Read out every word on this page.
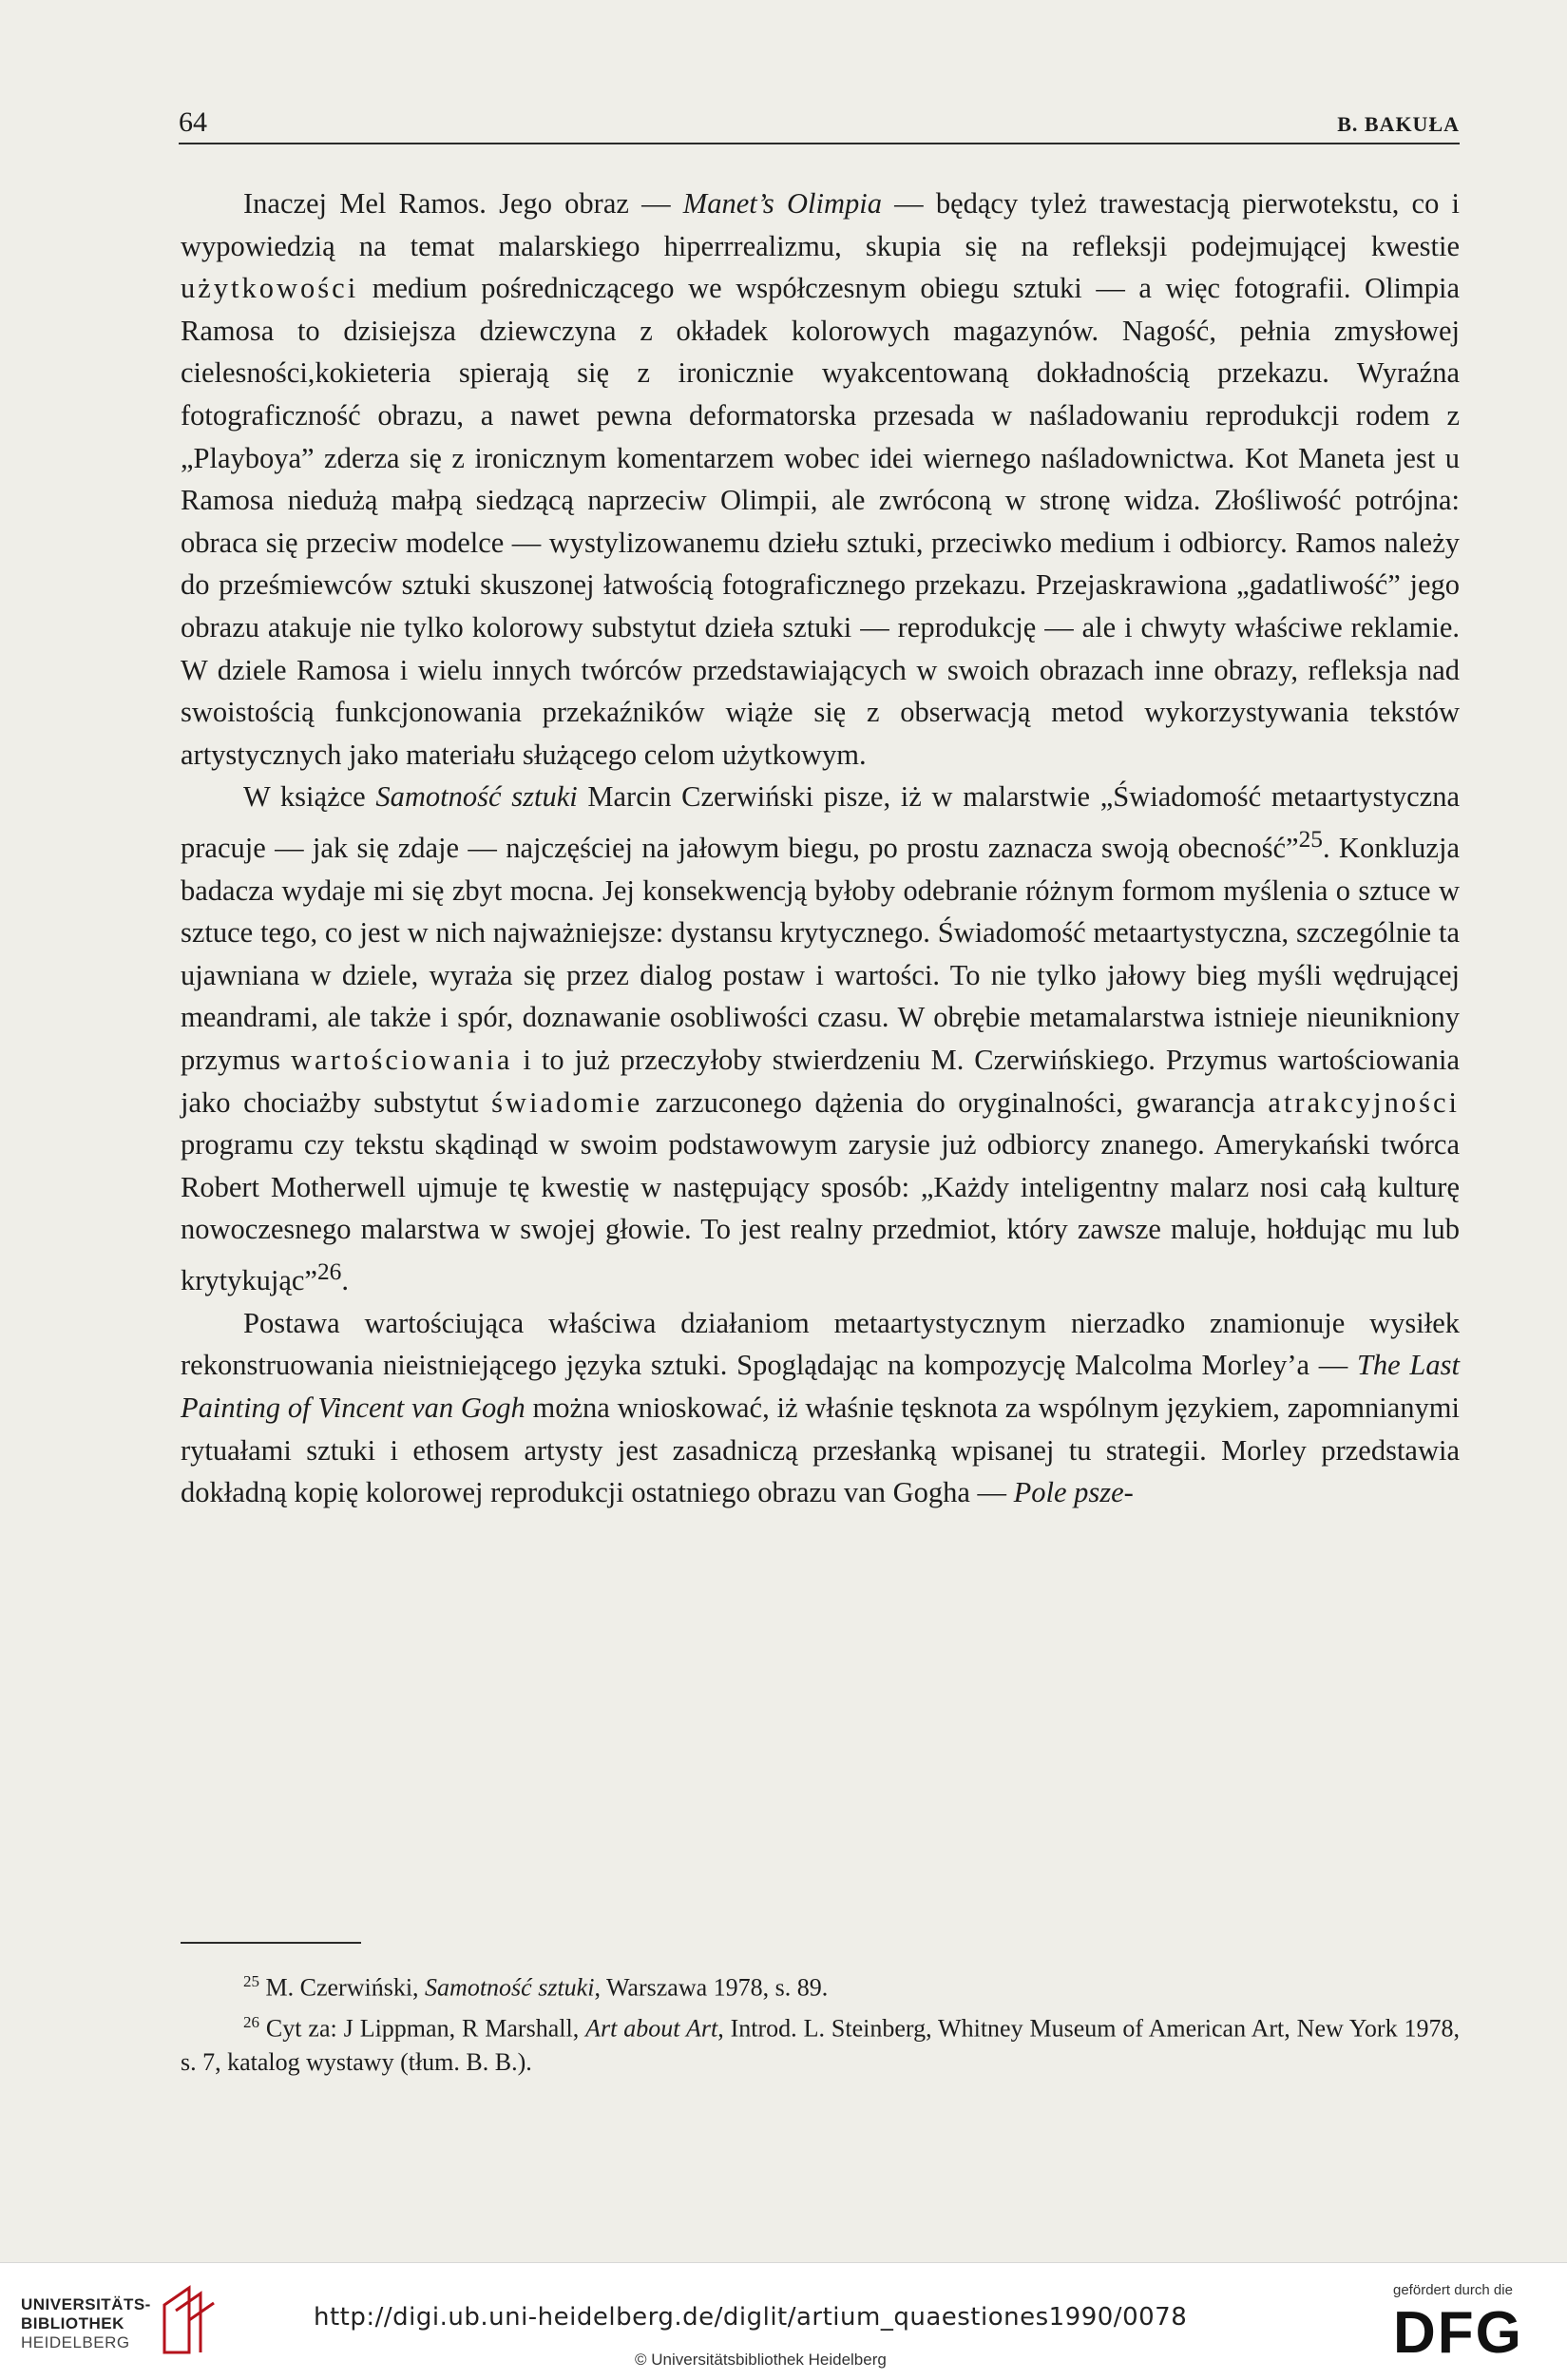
64	B. BAKUŁA

Inaczej Mel Ramos. Jego obraz — Manet’s Olimpia — będący tyleż trawestacją pierwotekstu, co i wypowiedzią na temat malarskiego hiperrrealizmu, skupia się na refleksji podejmującej kwestie użytkowości medium pośredniczącego we współczesnym obiegu sztuki — a więc fotografii. Olimpia Ramosa to dzisiejsza dziewczyna z okładek kolorowych magazynów. Nagość, pełnia zmysłowej cielesności,kokieteria spierają się z ironicznie wyakcentowaną dokładnością przekazu. Wyraźna fotograficzność obrazu, a nawet pewna deformatorska przesada w naśladowaniu reprodukcji rodem z „Playboya” zderza się z ironicznym komentarzem wobec idei wiernego naśladownictwa. Kot Maneta jest u Ramosa niedużą małpą siedzącą naprzeciw Olimpii, ale zwróconą w stronę widza. Złośliwość potrójna: obraca się przeciw modelce — wystylizowanemu dziełu sztuki, przeciwko medium i odbiorcy. Ramos należy do prześmiewców sztuki skuszonej łatwością fotograficznego przekazu. Przejaskrawiona „gadatliwość” jego obrazu atakuje nie tylko kolorowy substytut dzieła sztuki — reprodukcję — ale i chwyty właściwe reklamie. W dziele Ramosa i wielu innych twórców przedstawiających w swoich obrazach inne obrazy, refleksja nad swoistością funkcjonowania przekaźników wiąże się z obserwacją metod wykorzystywania tekstów artystycznych jako materiału służącego celom użytkowym.

W książce Samotność sztuki Marcin Czerwiński pisze, iż w malarstwie „Świadomość metaartystyczna pracuje — jak się zdaje — najczęściej na jałowym biegu, po prostu zaznacza swoją obecność”$^{25}$. Konkluzja badacza wydaje mi się zbyt mocna. Jej konsekwencją byłoby odebranie różnym formom myślenia o sztuce w sztuce tego, co jest w nich najważniejsze: dystansu krytycznego. Świadomość metaartystyczna, szczególnie ta ujawniana w dziele, wyraża się przez dialog postaw i wartości. To nie tylko jałowy bieg myśli wędrującej meandrami, ale także i spór, doznawanie osobliwości czasu. W obrębie metamalarstwa istnieje nieunikniony przymus wartościowania i to już przeczyłoby stwierdzeniu M. Czerwińskiego. Przymus wartościowania jako chociażby substytut świadomie zarzuconego dążenia do oryginalności, gwarancja atrakcyjności programu czy tekstu skądinąd w swoim podstawowym zarysie już odbiorcy znanego. Amerykański twórca Robert Motherwell ujmuje tę kwestię w następujący sposób: „Każdy inteligentny malarz nosi całą kulturę nowoczesnego malarstwa w swojej głowie. To jest realny przedmiot, który zawsze maluje, hołdując mu lub krytykując”$^{26}$.

Postawa wartościująca właściwa działaniom metaartystycznym nierzadko znamionuje wysiłek rekonstruowania nieistniejącego języka sztuki. Spoglądając na kompozycję Malcolma Morley’a — The Last Painting of Vincent van Gogh można wnioskować, iż właśnie tęsknota za wspólnym językiem, zapomnianymi rytuałami sztuki i ethosem artysty jest zasadniczą przesłanką wpisanej tu strategii. Morley przedstawia dokładną kopię kolorowej reprodukcji ostatniego obrazu van Gogha — Pole psze-

$^{25}$ M. Czerwiński, Samotność sztuki, Warszawa 1978, s. 89.

$^{26}$ Cyt za: J Lippman, R Marshall, Art about Art, Introd. L. Steinberg, Whitney Museum of American Art, New York 1978, s. 7, katalog wystawy (tłum. B. B.).

UNIVERSITÄTS-
BIBLIOTHEK
HEIDELBERG
http://digi.ub.uni-heidelberg.de/diglit/artium_quaestiones1990/0078
© Universitätsbibliothek Heidelberg
gefördert durch die
DFG
